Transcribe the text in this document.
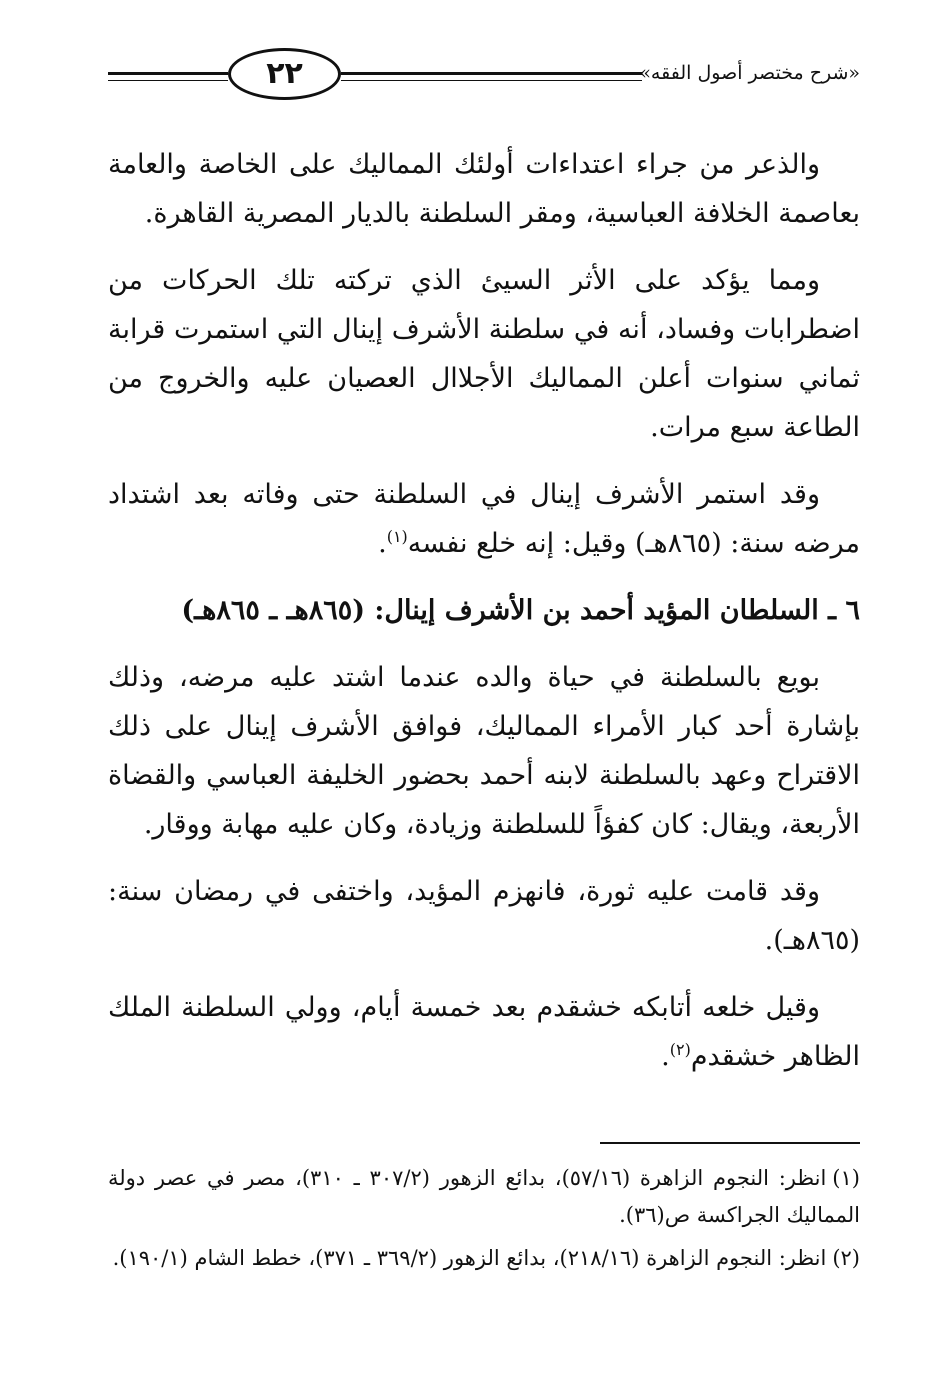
٢٢	«شرح مختصر أصول الفقه»

والذعر من جراء اعتداءات أولئك المماليك على الخاصة والعامة بعاصمة الخلافة العباسية، ومقر السلطنة بالديار المصرية القاهرة.

ومما يؤكد على الأثر السيئ الذي تركته تلك الحركات من اضطرابات وفساد، أنه في سلطنة الأشرف إينال التي استمرت قرابة ثماني سنوات أعلن المماليك الأجلاال العصيان عليه والخروج من الطاعة سبع مرات.

وقد استمر الأشرف إينال في السلطنة حتى وفاته بعد اشتداد مرضه سنة: (٨٦٥هـ) وقيل: إنه خلع نفسه$^{(١)}$.

٦ ـ السلطان المؤيد أحمد بن الأشرف إينال: (٨٦٥هـ ـ ٨٦٥هـ)

بويع بالسلطنة في حياة والده عندما اشتد عليه مرضه، وذلك بإشارة أحد كبار الأمراء المماليك، فوافق الأشرف إينال على ذلك الاقتراح وعهد بالسلطنة لابنه أحمد بحضور الخليفة العباسي والقضاة الأربعة، ويقال: كان كفؤاً للسلطنة وزيادة، وكان عليه مهابة ووقار.

وقد قامت عليه ثورة، فانهزم المؤيد، واختفى في رمضان سنة: (٨٦٥هـ).

وقيل خلعه أتابكه خشقدم بعد خمسة أيام، وولي السلطنة الملك الظاهر خشقدم$^{(٢)}$.

(١)انظر: النجوم الزاهرة (٥٧/١٦)، بدائع الزهور (٣٠٧/٢ ـ ٣١٠)، مصر في عصر دولة المماليك الجراكسة ص(٣٦).
(٢)انظر: النجوم الزاهرة (٢١٨/١٦)، بدائع الزهور (٣٦٩/٢ ـ ٣٧١)، خطط الشام (١٩٠/١).
